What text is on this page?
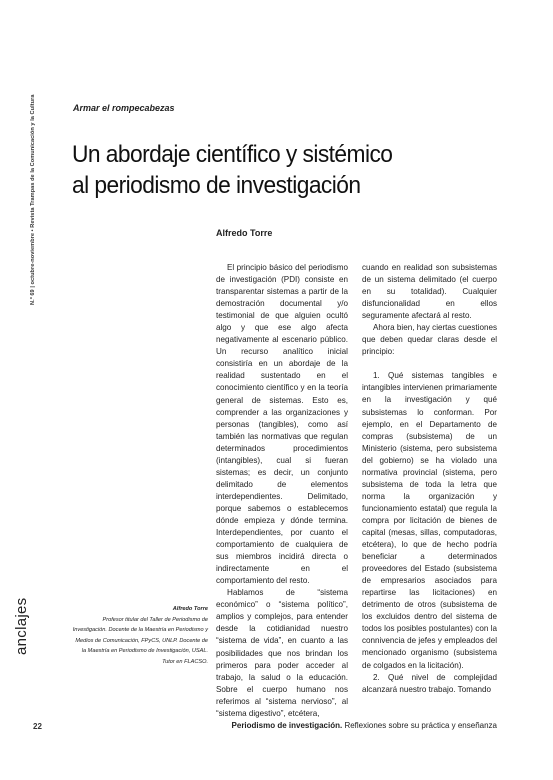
N.º 69 | octubre-noviembre • Revista Trampas de la Comunicación y la Cultura
anclajes
Armar el rompecabezas
Un abordaje científico y sistémico
al periodismo de investigación
Alfredo Torre

El principio básico del periodismo de investigación (PDI) consiste en transparentar sistemas a partir de la demostración documental y/o testimonial de que alguien ocultó algo y que ese algo afecta negativamente al escenario público. Un recurso analítico inicial consistiría en un abordaje de la realidad sustentado en el conocimiento científico y en la teoría general de sistemas. Esto es, comprender a las organizaciones y personas (tangibles), como así también las normativas que regulan determinados procedimientos (intangibles), cual si fueran sistemas; es decir, un conjunto delimitado de elementos interdependientes. Delimitado, porque sabemos o establecemos dónde empieza y dónde termina. Interdependientes, por cuanto el comportamiento de cualquiera de sus miembros incidirá directa o indirectamente en el comportamiento del resto.

Hablamos de “sistema económico” o “sistema político”, amplios y complejos, para entender desde la cotidianidad nuestro “sistema de vida”, en cuanto a las posibilidades que nos brindan los primeros para poder acceder al trabajo, la salud o la educación. Sobre el cuerpo humano nos referimos al “sistema nervioso”, al “sistema digestivo”, etcétera,

cuando en realidad son subsistemas de un sistema delimitado (el cuerpo en su totalidad). Cualquier disfuncionalidad en ellos seguramente afectará al resto.

Ahora bien, hay ciertas cuestiones que deben quedar claras desde el principio:

1. Qué sistemas tangibles e intangibles intervienen primariamente en la investigación y qué subsistemas lo conforman. Por ejemplo, en el Departamento de compras (subsistema) de un Ministerio (sistema, pero subsistema del gobierno) se ha violado una normativa provincial (sistema, pero subsistema de toda la letra que norma la organización y funcionamiento estatal) que regula la compra por licitación de bienes de capital (mesas, sillas, computadoras, etcétera), lo que de hecho podría beneficiar a determinados proveedores del Estado (subsistema de empresarios asociados para repartirse las licitaciones) en detrimento de otros (subsistema de los excluidos dentro del sistema de todos los posibles postulantes) con la connivencia de jefes y empleados del mencionado organismo (subsistema de colgados en la licitación).

2. Qué nivel de complejidad alcanzará nuestro trabajo. Tomando

Alfredo Torre
Profesor titular del Taller de Periodismo de Investigación. Docente de la Maestría en Periodismo y Medios de Comunicación, FPyCS, UNLP. Docente de la Maestría en Periodismo de Investigación, USAL. Tutor en FLACSO.
22	Periodismo de investigación. Reflexiones sobre su práctica y enseñanza
